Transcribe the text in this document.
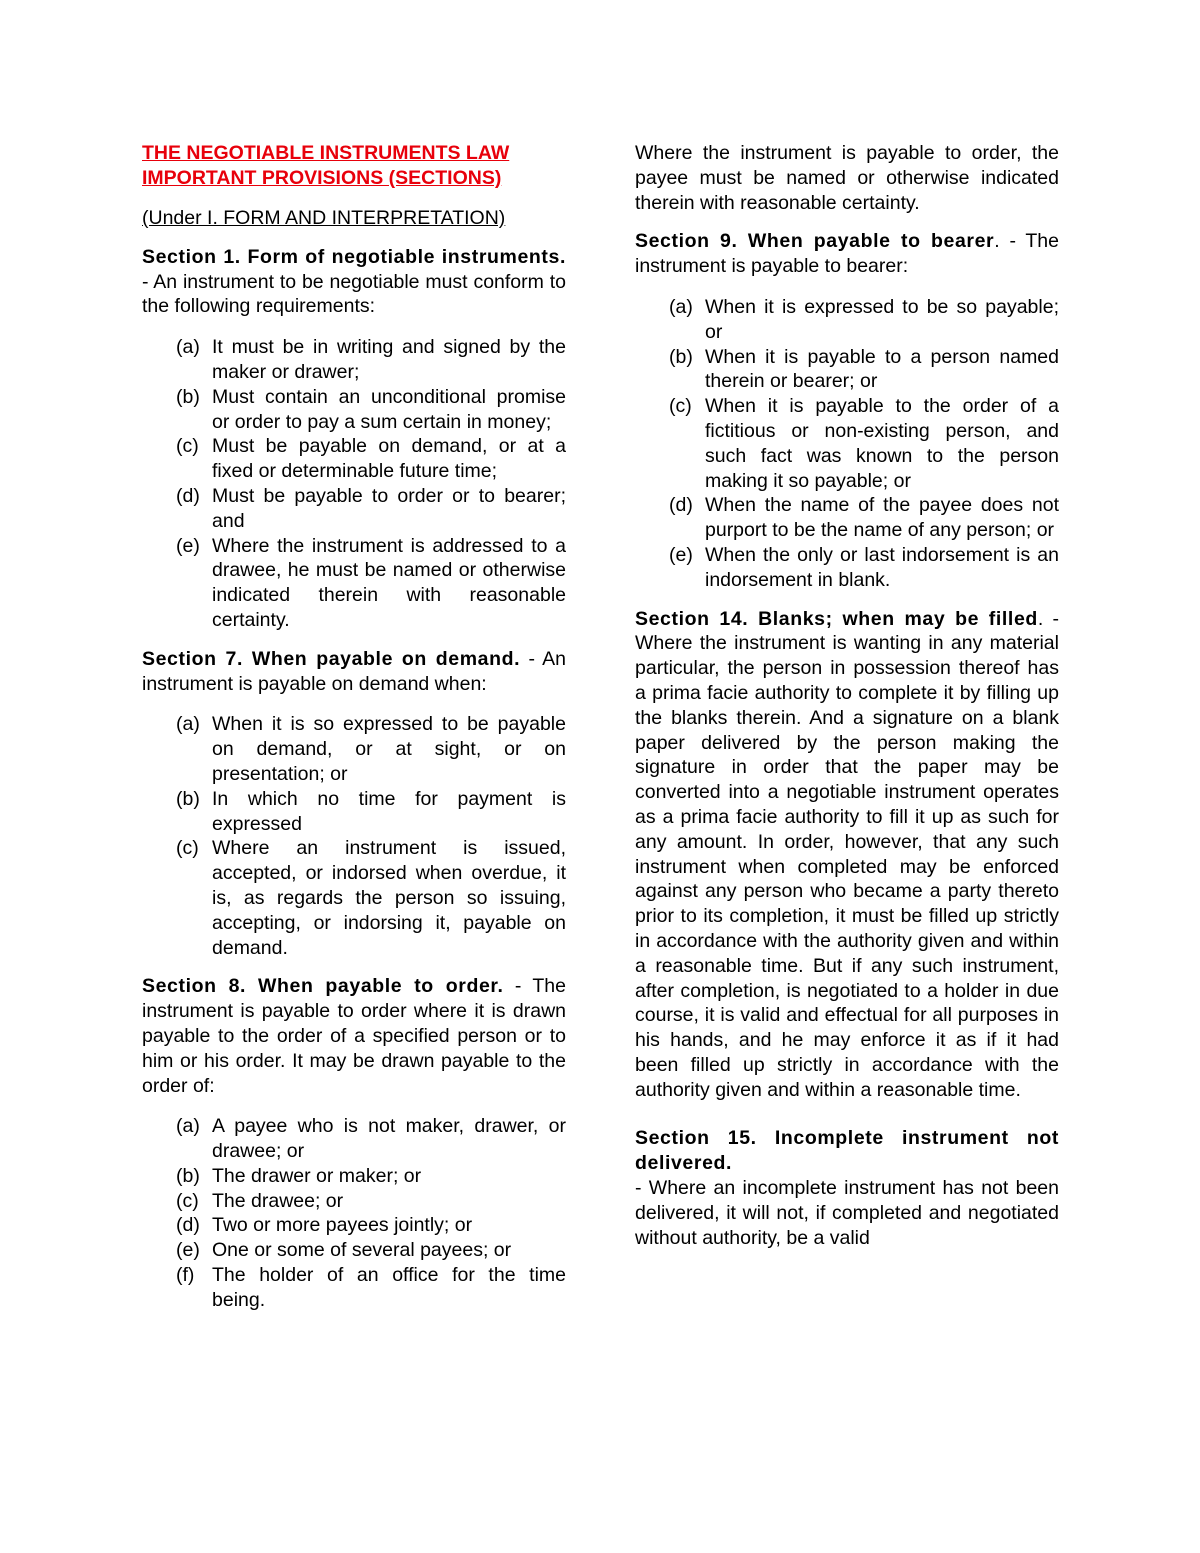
THE NEGOTIABLE INSTRUMENTS LAW
IMPORTANT PROVISIONS (SECTIONS)

(Under I. FORM AND INTERPRETATION)

Section 1. Form of negotiable instruments. - An instrument to be negotiable must conform to the following requirements:

(a) It must be in writing and signed by the maker or drawer;
(b) Must contain an unconditional promise or order to pay a sum certain in money;
(c) Must be payable on demand, or at a fixed or determinable future time;
(d) Must be payable to order or to bearer; and
(e) Where the instrument is addressed to a drawee, he must be named or otherwise indicated therein with reasonable certainty.

Section 7. When payable on demand. - An instrument is payable on demand when:

(a) When it is so expressed to be payable on demand, or at sight, or on presentation; or
(b) In which no time for payment is expressed
(c) Where an instrument is issued, accepted, or indorsed when overdue, it is, as regards the person so issuing, accepting, or indorsing it, payable on demand.

Section 8. When payable to order. - The instrument is payable to order where it is drawn payable to the order of a specified person or to him or his order. It may be drawn payable to the order of:

(a) A payee who is not maker, drawer, or drawee; or
(b) The drawer or maker; or
(c) The drawee; or
(d) Two or more payees jointly; or
(e) One or some of several payees; or
(f) The holder of an office for the time being.

Where the instrument is payable to order, the payee must be named or otherwise indicated therein with reasonable certainty.

Section 9. When payable to bearer. - The instrument is payable to bearer:

(a) When it is expressed to be so payable; or
(b) When it is payable to a person named therein or bearer; or
(c) When it is payable to the order of a fictitious or non-existing person, and such fact was known to the person making it so payable; or
(d) When the name of the payee does not purport to be the name of any person; or
(e) When the only or last indorsement is an indorsement in blank.

Section 14. Blanks; when may be filled. - Where the instrument is wanting in any material particular, the person in possession thereof has a prima facie authority to complete it by filling up the blanks therein. And a signature on a blank paper delivered by the person making the signature in order that the paper may be converted into a negotiable instrument operates as a prima facie authority to fill it up as such for any amount. In order, however, that any such instrument when completed may be enforced against any person who became a party thereto prior to its completion, it must be filled up strictly in accordance with the authority given and within a reasonable time. But if any such instrument, after completion, is negotiated to a holder in due course, it is valid and effectual for all purposes in his hands, and he may enforce it as if it had been filled up strictly in accordance with the authority given and within a reasonable time.

Section 15. Incomplete instrument not delivered.
- Where an incomplete instrument has not been delivered, it will not, if completed and negotiated without authority, be a valid
